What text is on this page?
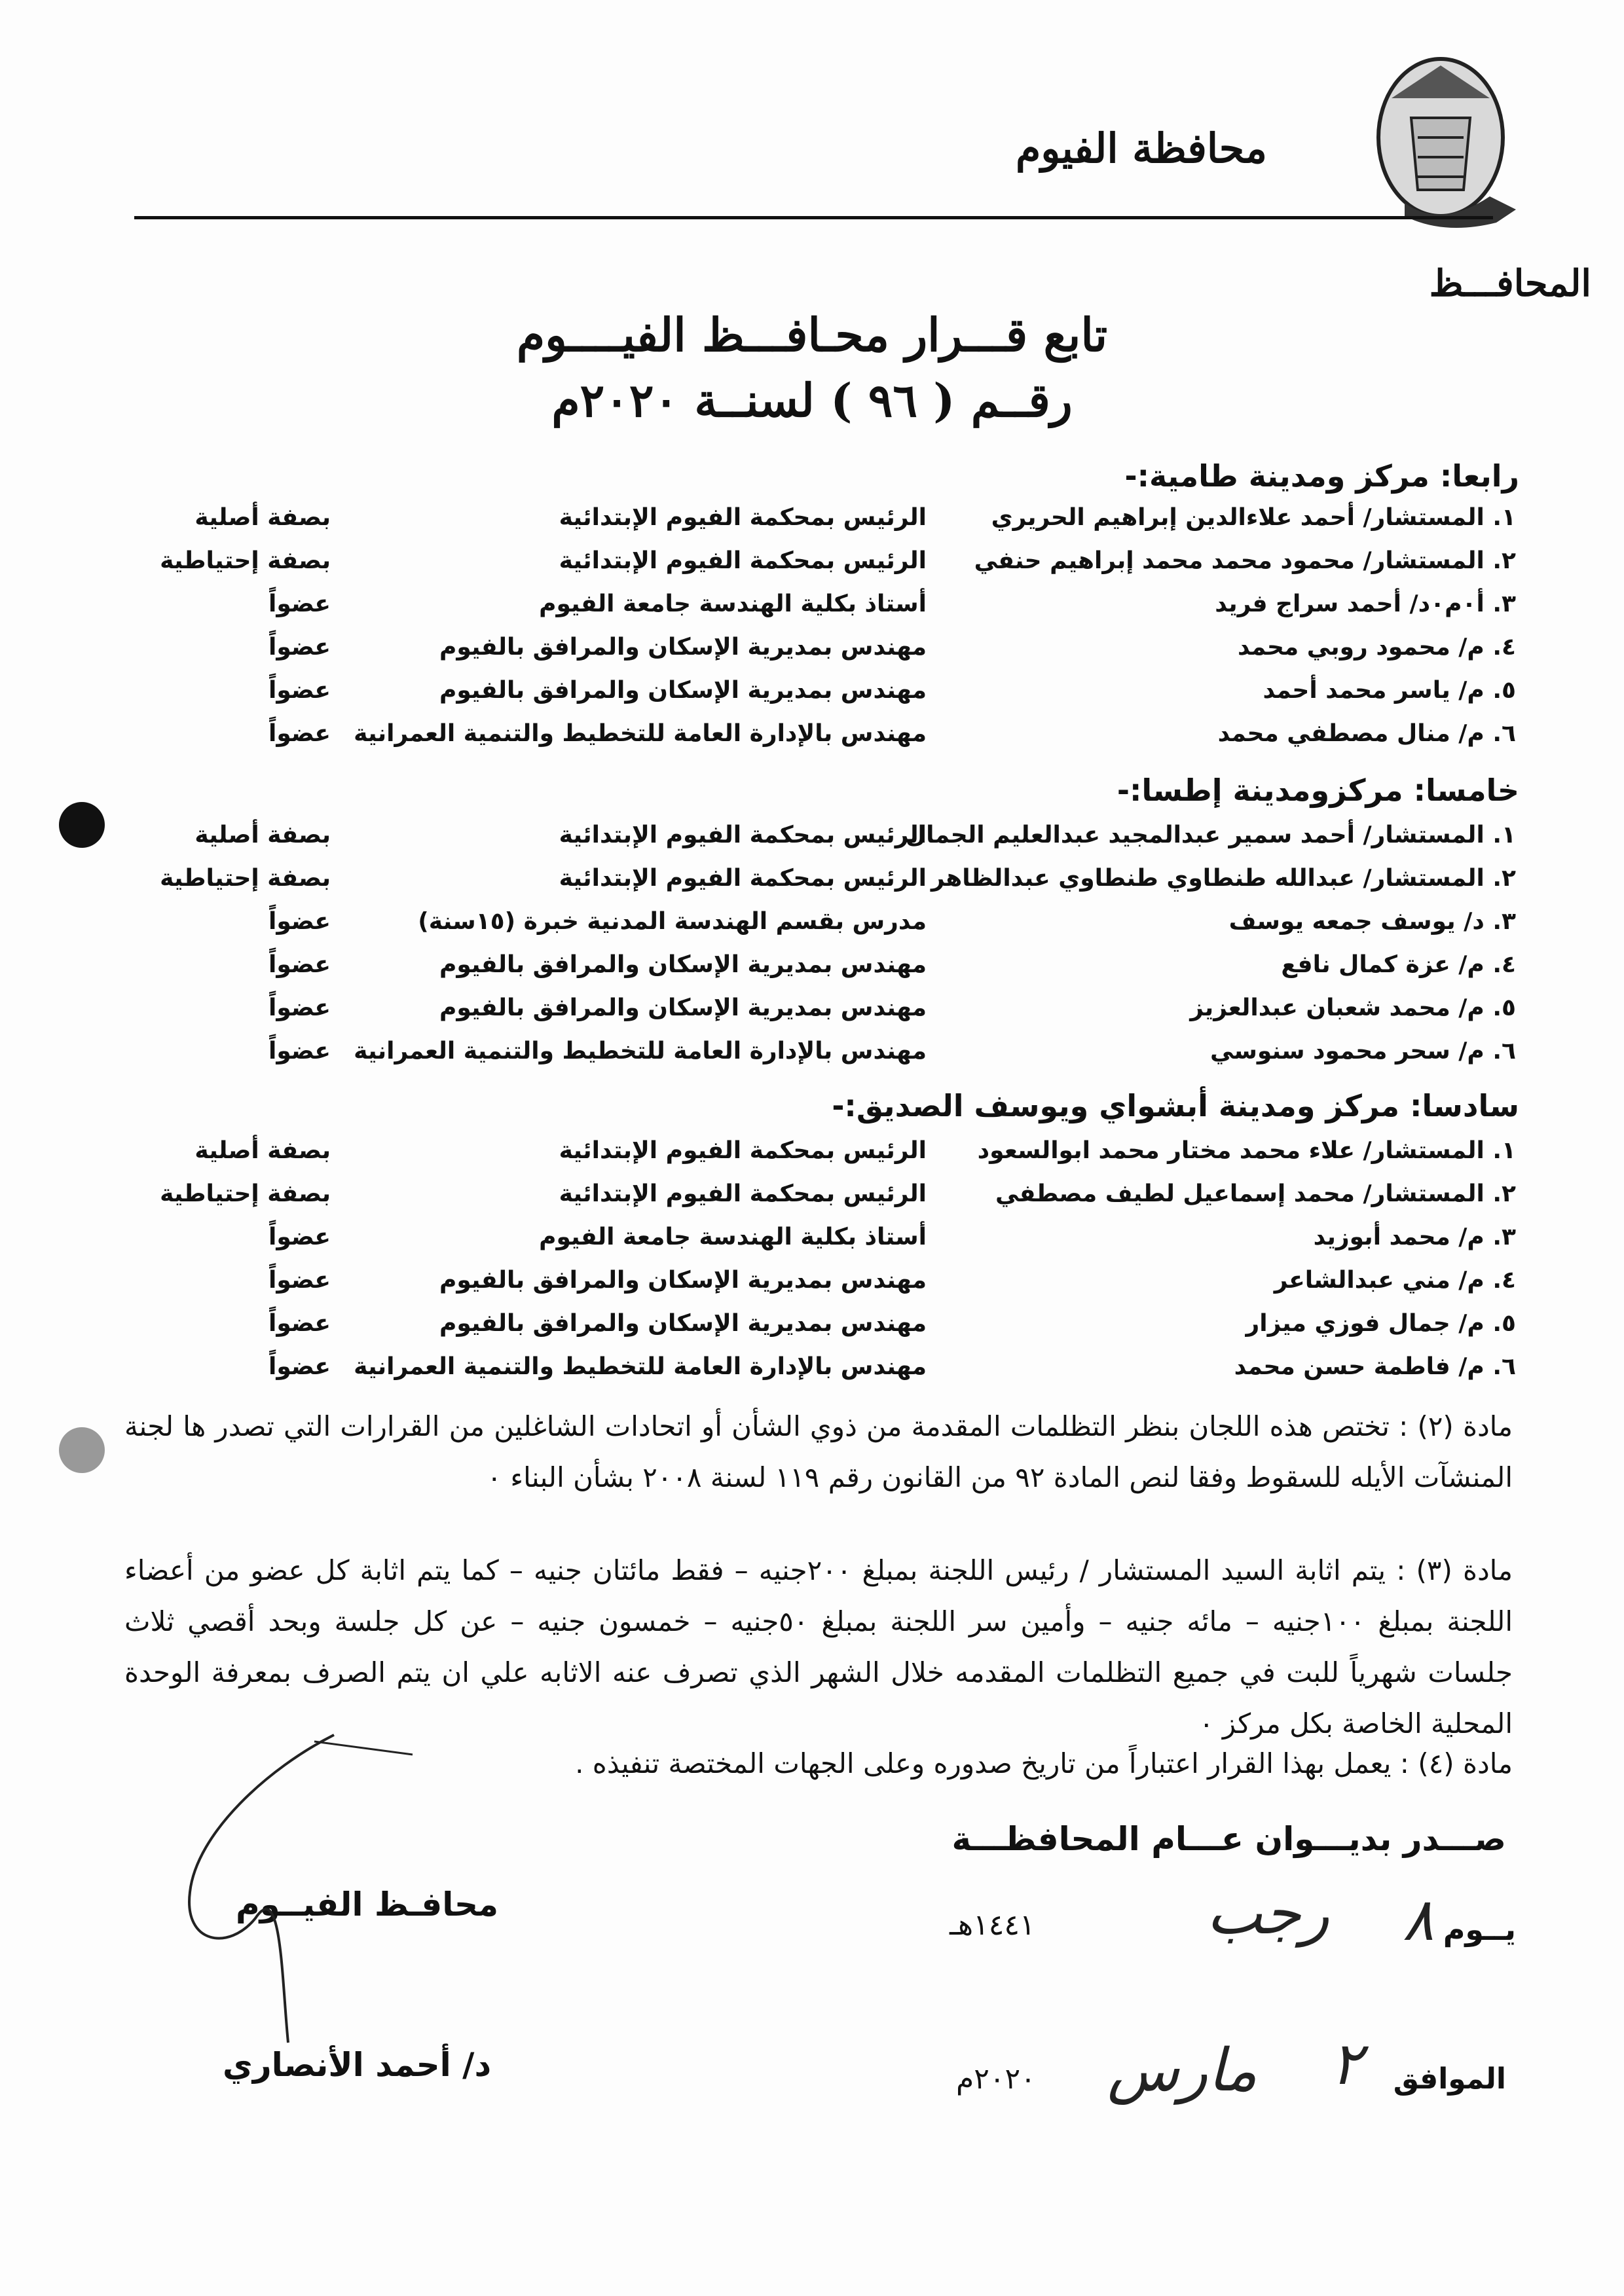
محافظة الفيوم
المحافـــظ
تابع قـــرار محـافـــظ الفيــــوم
رقــم ( ٩٦ ) لسنــة ٢٠٢٠م
رابعا: مركز ومدينة طامية:-
١. المستشار/ أحمد علاءالدين إبراهيم الحريري
الرئيس بمحكمة الفيوم الإبتدائية
بصفة أصلية
٢. المستشار/ محمود محمد محمد إبراهيم حنفي
الرئيس بمحكمة الفيوم الإبتدائية
بصفة إحتياطية
٣. أ٠م٠د/ أحمد سراج فريد
أستاذ بكلية الهندسة جامعة الفيوم
عضواً
٤. م/ محمود روبي محمد
مهندس بمديرية الإسكان والمرافق بالفيوم
عضواً
٥. م/ ياسر محمد أحمد
مهندس بمديرية الإسكان والمرافق بالفيوم
عضواً
٦. م/ منال مصطفي محمد
مهندس بالإدارة العامة للتخطيط والتنمية العمرانية
عضواً
خامسا: مركزومدينة إطسا:-
١. المستشار/ أحمد سمير عبدالمجيد عبدالعليم الجمال
الرئيس بمحكمة الفيوم الإبتدائية
بصفة أصلية
٢. المستشار/ عبدالله طنطاوي طنطاوي عبدالظاهر
الرئيس بمحكمة الفيوم الإبتدائية
بصفة إحتياطية
٣. د/ يوسف جمعه يوسف
مدرس بقسم الهندسة المدنية خبرة (١٥سنة)
عضواً
٤. م/ عزة كمال نافع
مهندس بمديرية الإسكان والمرافق بالفيوم
عضواً
٥. م/ محمد شعبان عبدالعزيز
مهندس بمديرية الإسكان والمرافق بالفيوم
عضواً
٦. م/ سحر محمود سنوسي
مهندس بالإدارة العامة للتخطيط والتنمية العمرانية
عضواً
سادسا: مركز ومدينة أبشواي ويوسف الصديق:-
١. المستشار/ علاء محمد مختار محمد ابوالسعود
الرئيس بمحكمة الفيوم الإبتدائية
بصفة أصلية
٢. المستشار/ محمد إسماعيل لطيف مصطفي
الرئيس بمحكمة الفيوم الإبتدائية
بصفة إحتياطية
٣. م/ محمد أبوزيد
أستاذ بكلية الهندسة جامعة الفيوم
عضواً
٤. م/ مني عبدالشاعر
مهندس بمديرية الإسكان والمرافق بالفيوم
عضواً
٥. م/ جمال فوزي ميزار
مهندس بمديرية الإسكان والمرافق بالفيوم
عضواً
٦. م/ فاطمة حسن محمد
مهندس بالإدارة العامة للتخطيط والتنمية العمرانية
عضواً
مادة (٢) : تختص هذه اللجان بنظر التظلمات المقدمة من ذوي الشأن أو اتحادات الشاغلين من القرارات التي تصدر ها لجنة المنشآت الأيله للسقوط وفقا لنص المادة ٩٢ من القانون رقم ١١٩ لسنة ٢٠٠٨ بشأن البناء ٠
مادة (٣) : يتم اثابة السيد المستشار / رئيس اللجنة بمبلغ ٢٠٠جنيه – فقط مائتان جنيه – كما يتم اثابة كل عضو من أعضاء اللجنة بمبلغ ١٠٠جنيه – مائه جنيه – وأمين سر اللجنة بمبلغ ٥٠جنيه – خمسون جنيه – عن كل جلسة وبحد أقصي ثلاث جلسات شهرياً للبت في جميع التظلمات المقدمه خلال الشهر الذي تصرف عنه الاثابه علي ان يتم الصرف بمعرفة الوحدة المحلية الخاصة بكل مركز ٠
مادة (٤) : يعمل بهذا القرار اعتباراً من تاريخ صدوره وعلى الجهات المختصة تنفيذه .
صـــدر بديـــوان عـــام المحافظـــة
محافـظ الفيــوم
د/ أحمد الأنصاري
يــوم
٨
رجب
١٤٤١هـ
الموافق
٢
مارس
٢٠٢٠م
